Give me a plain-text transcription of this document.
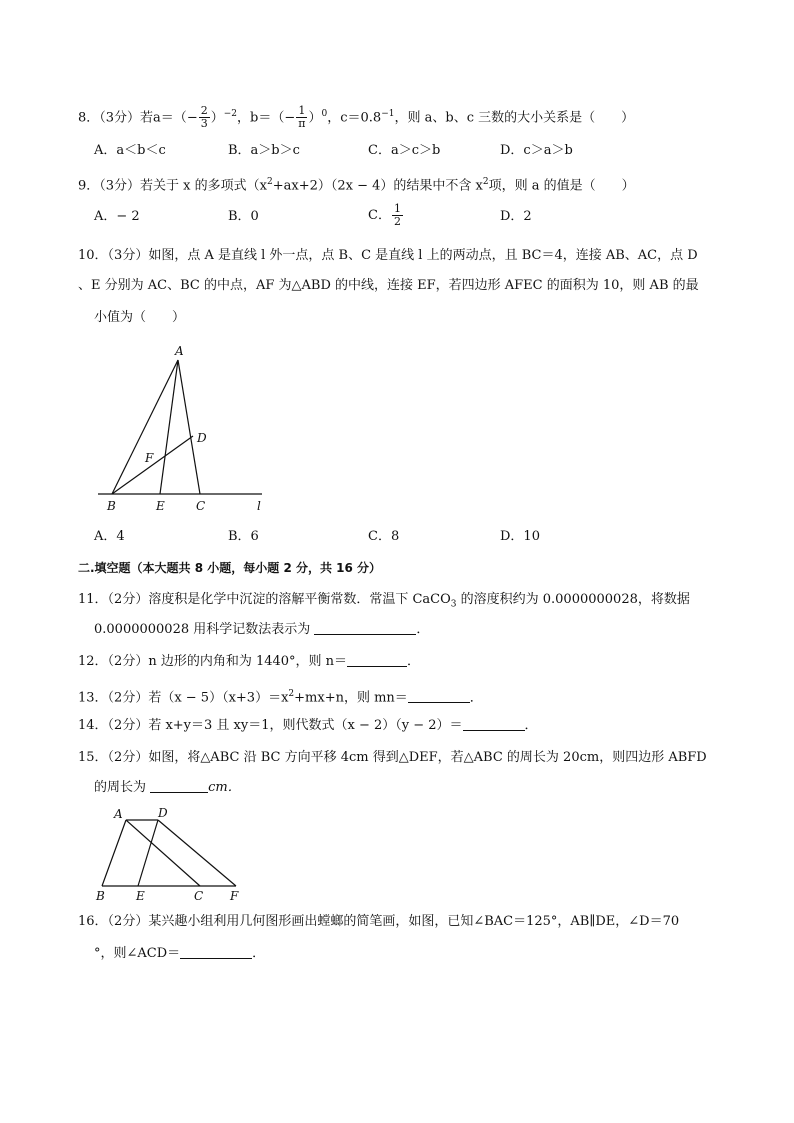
8．（3分）若$a=(- \frac{2}{3} )^{-2}$，$b=(- \frac{1}{\pi} )^0$，$c=0.8^{-1}$，则 a、b、c 三数的大小关系是（　　）
A．a＜b＜c	B．a＞b＞c	C．a＞c＞b	D．c＞a＞b
9．（3分）若关于 x 的多项式$(x^2+ax+2)(2x - 4)$的结果中不含 $x^2$项，则 a 的值是（　　）
A．− 2	B．0	C． $\frac{1}{2}$	D．2
10．（3分）如图，点 A 是直线 l 外一点，点 B、C 是直线 l 上的两动点，且 BC＝4，连接 AB、AC，点 D
、E 分别为 AC、BC 的中点，AF 为△ABD 的中线，连接 EF，若四边形 AFEC 的面积为 10，则 AB 的最
小值为（　　）
A
D
F
B	E	C	l
A．4	B．6	C．8	D．10
二.填空题（本大题共 8 小题，每小题 2 分，共 16 分）
11．（2分）溶度积是化学中沉淀的溶解平衡常数．常温下 CaCO$_3$ 的溶度积约为 0.0000000028，将数据
0.0000000028 用科学记数法表示为	．
12．（2分）n 边形的内角和为 1440°，则 n＝	．
13．（2分）若$(x - 5)(x+3)=x^2+mx+n$，则 mn＝	．
14．（2分）若 x+y＝3 且 xy＝1，则代数式（x − 2）（y − 2）＝	．
15．（2分）如图，将△ABC 沿 BC 方向平移 4cm 得到△DEF，若△ABC 的周长为 20cm，则四边形 ABFD
的周长为	cm．
A	D
B	E	C F
16．（2分）某兴趣小组利用几何图形画出螳螂的简笔画，如图，已知∠BAC＝125°，AB∥DE，∠D＝70
°，则∠ACD＝	．
